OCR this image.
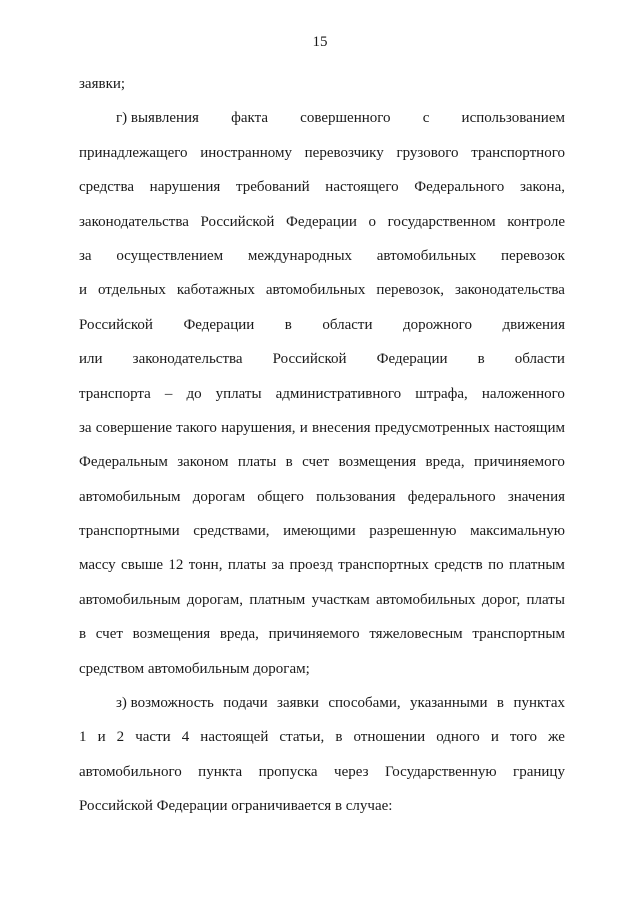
15
заявки;
г) выявления факта совершенного с использованием
принадлежащего иностранному перевозчику грузового транспортного
средства нарушения требований настоящего Федерального закона,
законодательства Российской Федерации о государственном контроле
за осуществлением международных автомобильных перевозок
и отдельных каботажных автомобильных перевозок, законодательства
Российской Федерации в области дорожного движения
или законодательства Российской Федерации в области
транспорта – до уплаты административного штрафа, наложенного
за совершение такого нарушения, и внесения предусмотренных настоящим
Федеральным законом платы в счет возмещения вреда, причиняемого
автомобильным дорогам общего пользования федерального значения
транспортными средствами, имеющими разрешенную максимальную
массу свыше 12 тонн, платы за проезд транспортных средств по платным
автомобильным дорогам, платным участкам автомобильных дорог, платы
в счет возмещения вреда, причиняемого тяжеловесным транспортным
средством автомобильным дорогам;
з) возможность подачи заявки способами, указанными в пунктах
1 и 2 части 4 настоящей статьи, в отношении одного и того же
автомобильного пункта пропуска через Государственную границу
Российской Федерации ограничивается в случае:
